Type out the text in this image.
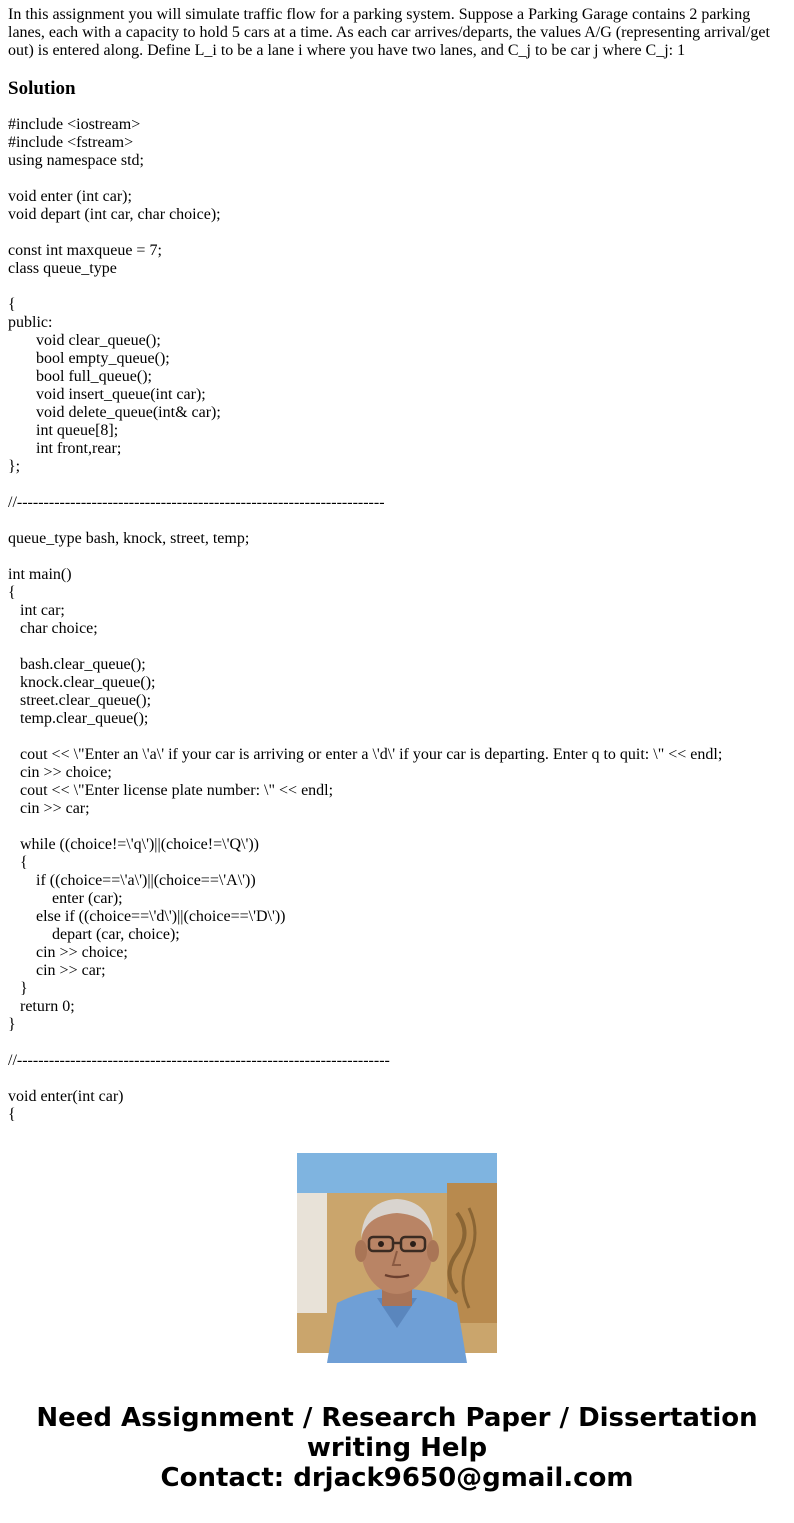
In this assignment you will simulate traffic flow for a parking system. Suppose a Parking Garage contains 2 parking lanes, each with a capacity to hold 5 cars at a time. As each car arrives/departs, the values A/G (representing arrival/get out) is entered along. Define L_i to be a lane i where you have two lanes, and C_j to be car j where C_j: 1

Solution
#include <iostream>
#include <fstream>
using namespace std;
void enter (int car);
void depart (int car, char choice);
const int maxqueue = 7;
class queue_type
{
public:
void clear_queue();
bool empty_queue();
bool full_queue();
void insert_queue(int car);
void delete_queue(int& car);
int queue[8];
int front,rear;
};
//---------------------------------------------------------------------
queue_type bash, knock, street, temp;
int main()
{
int car;
char choice;
bash.clear_queue();
knock.clear_queue();
street.clear_queue();
temp.clear_queue();
cout << \"Enter an \'a\' if your car is arriving or enter a \'d\' if your car is departing. Enter q to quit: \" << endl;
cin >> choice;
cout << \"Enter license plate number: \" << endl;
cin >> car;
while ((choice!=\'q\')||(choice!=\'Q\'))
{
if ((choice==\'a\')||(choice==\'A\'))
enter (car);
else if ((choice==\'d\')||(choice==\'D\'))
depart (car, choice);
cin >> choice;
cin >> car;
}
return 0;
}
//----------------------------------------------------------------------
void enter(int car)
{
Need Assignment / Research Paper / Dissertation
writing Help
Contact: drjack9650@gmail.com
